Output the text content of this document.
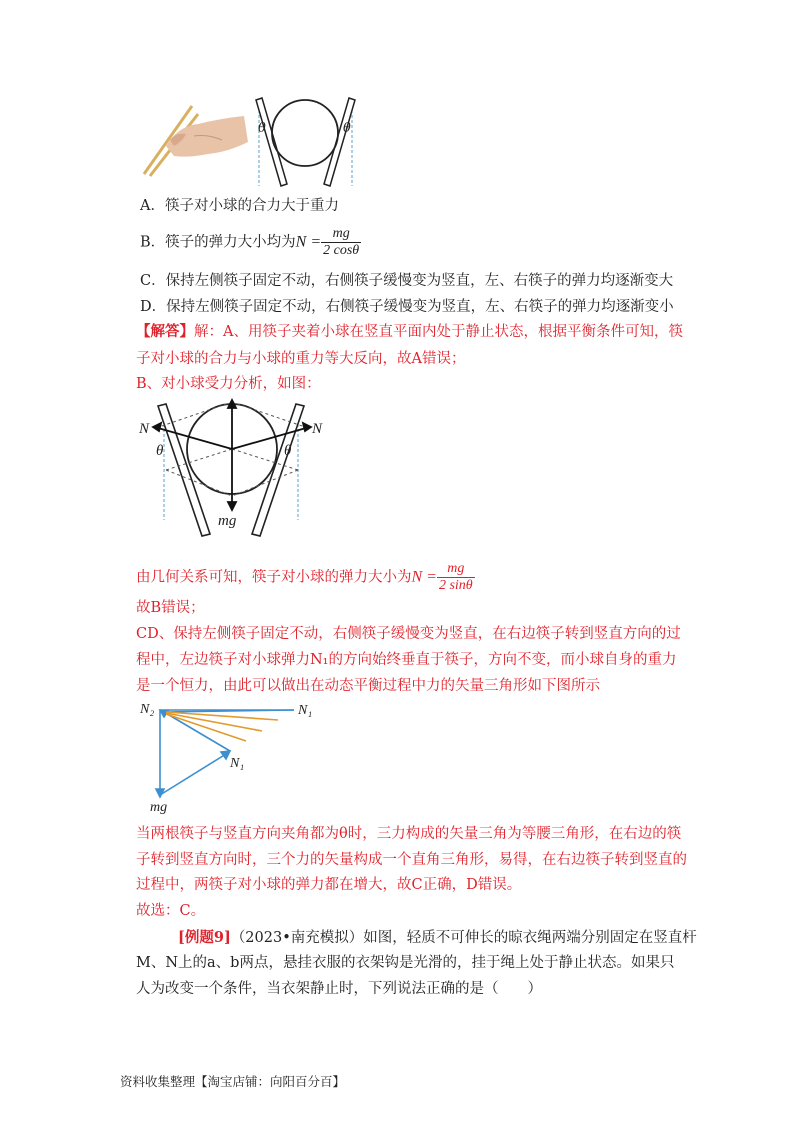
θ	θ
A．筷子对小球的合力大于重力
B．筷子的弹力大小均为$N = \frac{mg}{2 \cos\theta}$
C．保持左侧筷子固定不动，右侧筷子缓慢变为竖直，左、右筷子的弹力均逐渐变大
D．保持左侧筷子固定不动，右侧筷子缓慢变为竖直，左、右筷子的弹力均逐渐变小
【解答】解：A、用筷子夹着小球在竖直平面内处于静止状态，根据平衡条件可知，筷
子对小球的合力与小球的重力等大反向，故A错误；
B、对小球受力分析，如图：
N	N
θ	θ
mg
由几何关系可知，筷子对小球的弹力大小为$N = \frac{mg}{2 \sin\theta}$
故B错误；
CD、保持左侧筷子固定不动，右侧筷子缓慢变为竖直，在右边筷子转到竖直方向的过
程中，左边筷子对小球弹力N₁的方向始终垂直于筷子，方向不变，而小球自身的重力
是一个恒力，由此可以做出在动态平衡过程中力的矢量三角形如下图所示
N₂	N₁
N₁
mg
当两根筷子与竖直方向夹角都为θ时，三力构成的矢量三角为等腰三角形，在右边的筷
子转到竖直方向时，三个力的矢量构成一个直角三角形，易得，在右边筷子转到竖直的
过程中，两筷子对小球的弹力都在增大，故C正确，D错误。
故选：C。
[例题9]（2023•南充模拟）如图，轻质不可伸长的晾衣绳两端分别固定在竖直杆
M、N上的a、b两点，悬挂衣服的衣架钩是光滑的，挂于绳上处于静止状态。如果只
人为改变一个条件，当衣架静止时，下列说法正确的是（　　）
资料收集整理【淘宝店铺：向阳百分百】
